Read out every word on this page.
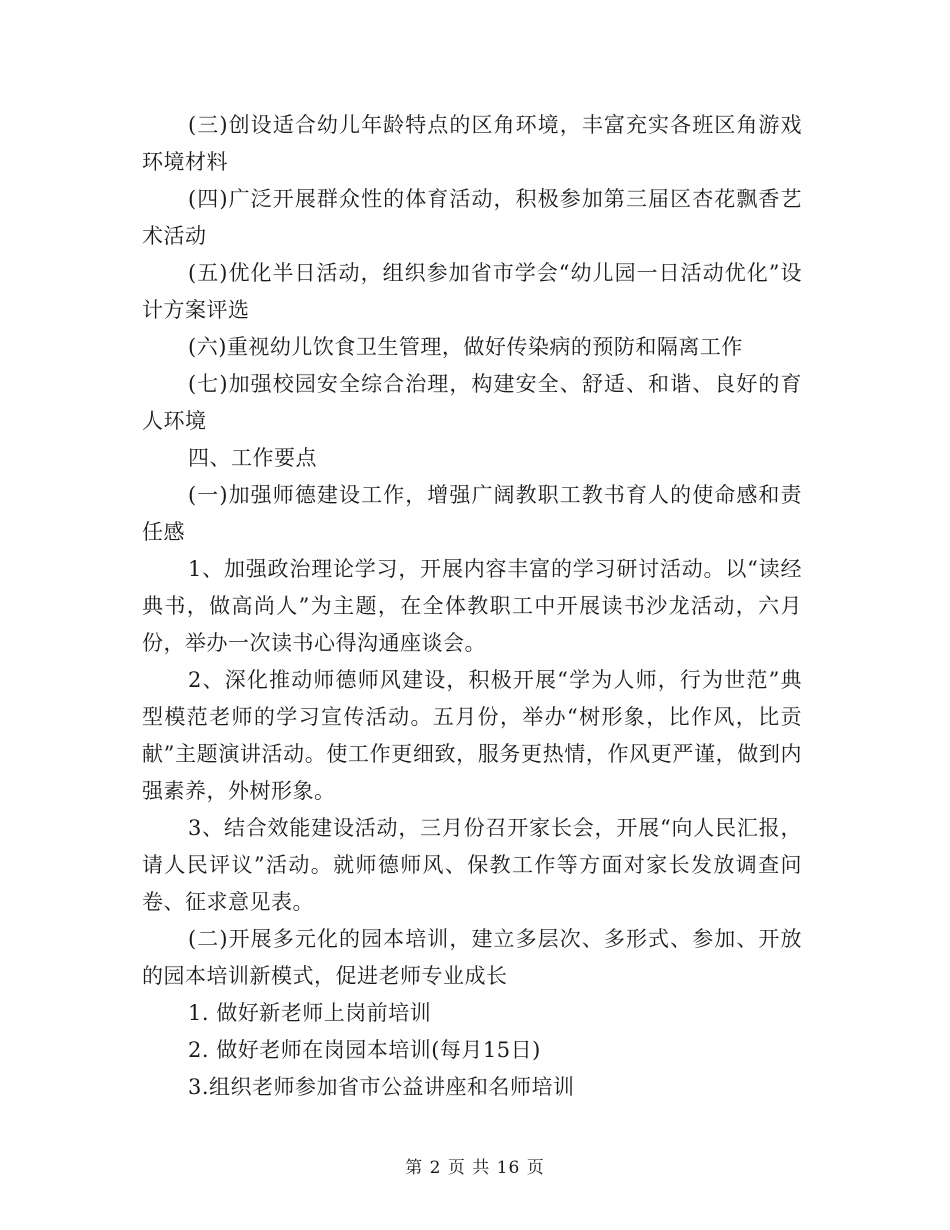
(三)创设适合幼儿年龄特点的区角环境，丰富充实各班区角游戏环境材料

(四)广泛开展群众性的体育活动，积极参加第三届区杏花飘香艺术活动

(五)优化半日活动，组织参加省市学会“幼儿园一日活动优化”设计方案评选

(六)重视幼儿饮食卫生管理，做好传染病的预防和隔离工作

(七)加强校园安全综合治理，构建安全、舒适、和谐、良好的育人环境

四、工作要点

(一)加强师德建设工作，增强广阔教职工教书育人的使命感和责任感

1、加强政治理论学习，开展内容丰富的学习研讨活动。以“读经典书，做高尚人”为主题，在全体教职工中开展读书沙龙活动，六月份，举办一次读书心得沟通座谈会。

2、深化推动师德师风建设，积极开展“学为人师，行为世范”典型模范老师的学习宣传活动。五月份，举办“树形象，比作风，比贡献”主题演讲活动。使工作更细致，服务更热情，作风更严谨，做到内强素养，外树形象。

3、结合效能建设活动，三月份召开家长会，开展“向人民汇报，请人民评议”活动。就师德师风、保教工作等方面对家长发放调查问卷、征求意见表。

(二)开展多元化的园本培训，建立多层次、多形式、参加、开放的园本培训新模式，促进老师专业成长

1. 做好新老师上岗前培训

2. 做好老师在岗园本培训(每月15日)

3.组织老师参加省市公益讲座和名师培训

第 2 页 共 16 页
